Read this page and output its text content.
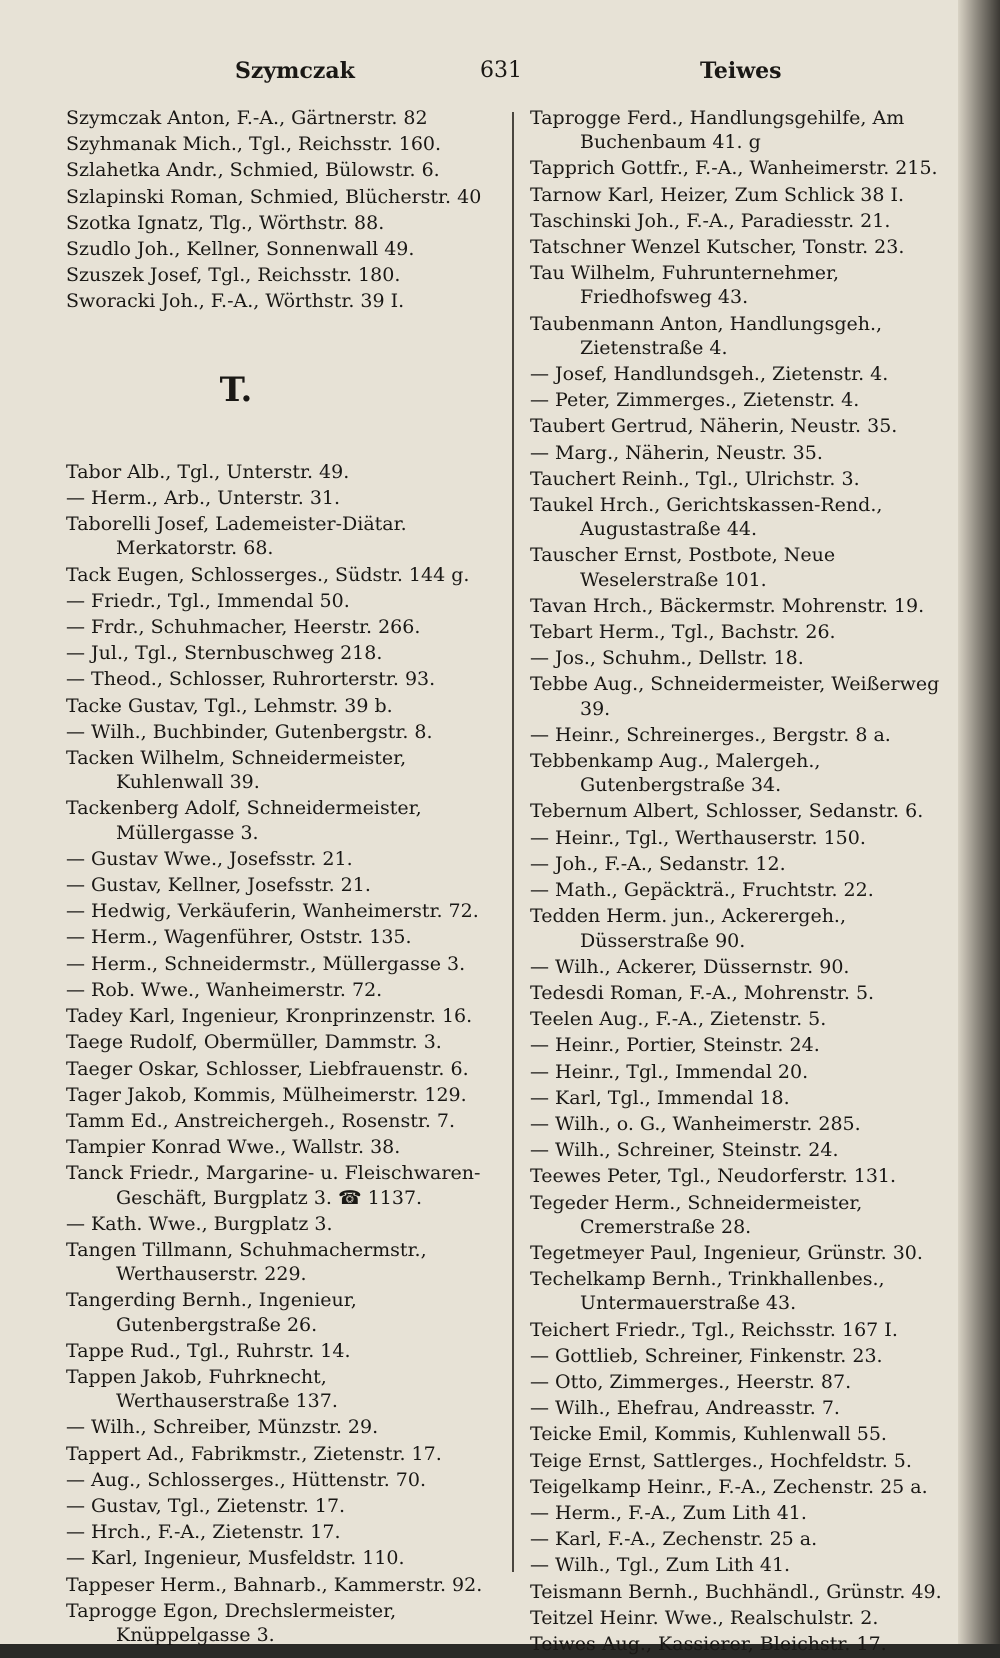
Szymczak	631	Teiwes
Szymczak Anton, F.-A., Gärtnerstr. 82
Szyhmanak Mich., Tgl., Reichsstr. 160.
Szlahetka Andr., Schmied, Bülowstr. 6.
Szlapinski Roman, Schmied, Blücherstr. 40
Szotka Ignatz, Tlg., Wörthstr. 88.
Szudlo Joh., Kellner, Sonnenwall 49.
Szuszek Josef, Tgl., Reichsstr. 180.
Sworacki Joh., F.-A., Wörthstr. 39 I.
T.
Tabor Alb., Tgl., Unterstr. 49.
— Herm., Arb., Unterstr. 31.
Taborelli Josef, Lademeister-Diätar. Merkatorstr. 68.
Tack Eugen, Schlosserges., Südstr. 144 g.
— Friedr., Tgl., Immendal 50.
— Frdr., Schuhmacher, Heerstr. 266.
— Jul., Tgl., Sternbuschweg 218.
— Theod., Schlosser, Ruhrorterstr. 93.
Tacke Gustav, Tgl., Lehmstr. 39 b.
— Wilh., Buchbinder, Gutenbergstr. 8.
Tacken Wilhelm, Schneidermeister, Kuhlenwall 39.
Tackenberg Adolf, Schneidermeister, Müllergasse 3.
— Gustav Wwe., Josefsstr. 21.
— Gustav, Kellner, Josefsstr. 21.
— Hedwig, Verkäuferin, Wanheimerstr. 72.
— Herm., Wagenführer, Oststr. 135.
— Herm., Schneidermstr., Müllergasse 3.
— Rob. Wwe., Wanheimerstr. 72.
Tadey Karl, Ingenieur, Kronprinzenstr. 16.
Taege Rudolf, Obermüller, Dammstr. 3.
Taeger Oskar, Schlosser, Liebfrauenstr. 6.
Tager Jakob, Kommis, Mülheimerstr. 129.
Tamm Ed., Anstreichergeh., Rosenstr. 7.
Tampier Konrad Wwe., Wallstr. 38.
Tanck Friedr., Margarine- u. Fleischwaren-Geschäft, Burgplatz 3. ☎ 1137.
— Kath. Wwe., Burgplatz 3.
Tangen Tillmann, Schuhmachermstr., Werthauserstr. 229.
Tangerding Bernh., Ingenieur, Gutenbergstraße 26.
Tappe Rud., Tgl., Ruhrstr. 14.
Tappen Jakob, Fuhrknecht, Werthauserstraße 137.
— Wilh., Schreiber, Münzstr. 29.
Tappert Ad., Fabrikmstr., Zietenstr. 17.
— Aug., Schlosserges., Hüttenstr. 70.
— Gustav, Tgl., Zietenstr. 17.
— Hrch., F.-A., Zietenstr. 17.
— Karl, Ingenieur, Musfeldstr. 110.
Tappeser Herm., Bahnarb., Kammerstr. 92.
Taprogge Egon, Drechslermeister, Knüppelgasse 3.
Taprogge Ferd., Handlungsgehilfe, Am Buchenbaum 41. g
Tapprich Gottfr., F.-A., Wanheimerstr. 215.
Tarnow Karl, Heizer, Zum Schlick 38 I.
Taschinski Joh., F.-A., Paradiesstr. 21.
Tatschner Wenzel Kutscher, Tonstr. 23.
Tau Wilhelm, Fuhrunternehmer, Friedhofsweg 43.
Taubenmann Anton, Handlungsgeh., Zietenstraße 4.
— Josef, Handlundsgeh., Zietenstr. 4.
— Peter, Zimmerges., Zietenstr. 4.
Taubert Gertrud, Näherin, Neustr. 35.
— Marg., Näherin, Neustr. 35.
Tauchert Reinh., Tgl., Ulrichstr. 3.
Taukel Hrch., Gerichtskassen-Rend., Augustastraße 44.
Tauscher Ernst, Postbote, Neue Weselerstraße 101.
Tavan Hrch., Bäckermstr. Mohrenstr. 19.
Tebart Herm., Tgl., Bachstr. 26.
— Jos., Schuhm., Dellstr. 18.
Tebbe Aug., Schneidermeister, Weißerweg 39.
— Heinr., Schreinerges., Bergstr. 8 a.
Tebbenkamp Aug., Malergeh., Gutenbergstraße 34.
Tebernum Albert, Schlosser, Sedanstr. 6.
— Heinr., Tgl., Werthauserstr. 150.
— Joh., F.-A., Sedanstr. 12.
— Math., Gepäckträ., Fruchtstr. 22.
Tedden Herm. jun., Ackerergeh., Düsserstraße 90.
— Wilh., Ackerer, Düssernstr. 90.
Tedesdi Roman, F.-A., Mohrenstr. 5.
Teelen Aug., F.-A., Zietenstr. 5.
— Heinr., Portier, Steinstr. 24.
— Heinr., Tgl., Immendal 20.
— Karl, Tgl., Immendal 18.
— Wilh., o. G., Wanheimerstr. 285.
— Wilh., Schreiner, Steinstr. 24.
Teewes Peter, Tgl., Neudorferstr. 131.
Tegeder Herm., Schneidermeister, Cremerstraße 28.
Tegetmeyer Paul, Ingenieur, Grünstr. 30.
Techelkamp Bernh., Trinkhallenbes., Untermauerstraße 43.
Teichert Friedr., Tgl., Reichsstr. 167 I.
— Gottlieb, Schreiner, Finkenstr. 23.
— Otto, Zimmerges., Heerstr. 87.
— Wilh., Ehefrau, Andreasstr. 7.
Teicke Emil, Kommis, Kuhlenwall 55.
Teige Ernst, Sattlerges., Hochfeldstr. 5.
Teigelkamp Heinr., F.-A., Zechenstr. 25 a.
— Herm., F.-A., Zum Lith 41.
— Karl, F.-A., Zechenstr. 25 a.
— Wilh., Tgl., Zum Lith 41.
Teismann Bernh., Buchhändl., Grünstr. 49.
Teitzel Heinr. Wwe., Realschulstr. 2.
Teiwes Aug., Kassierer, Bleichstr. 17.
